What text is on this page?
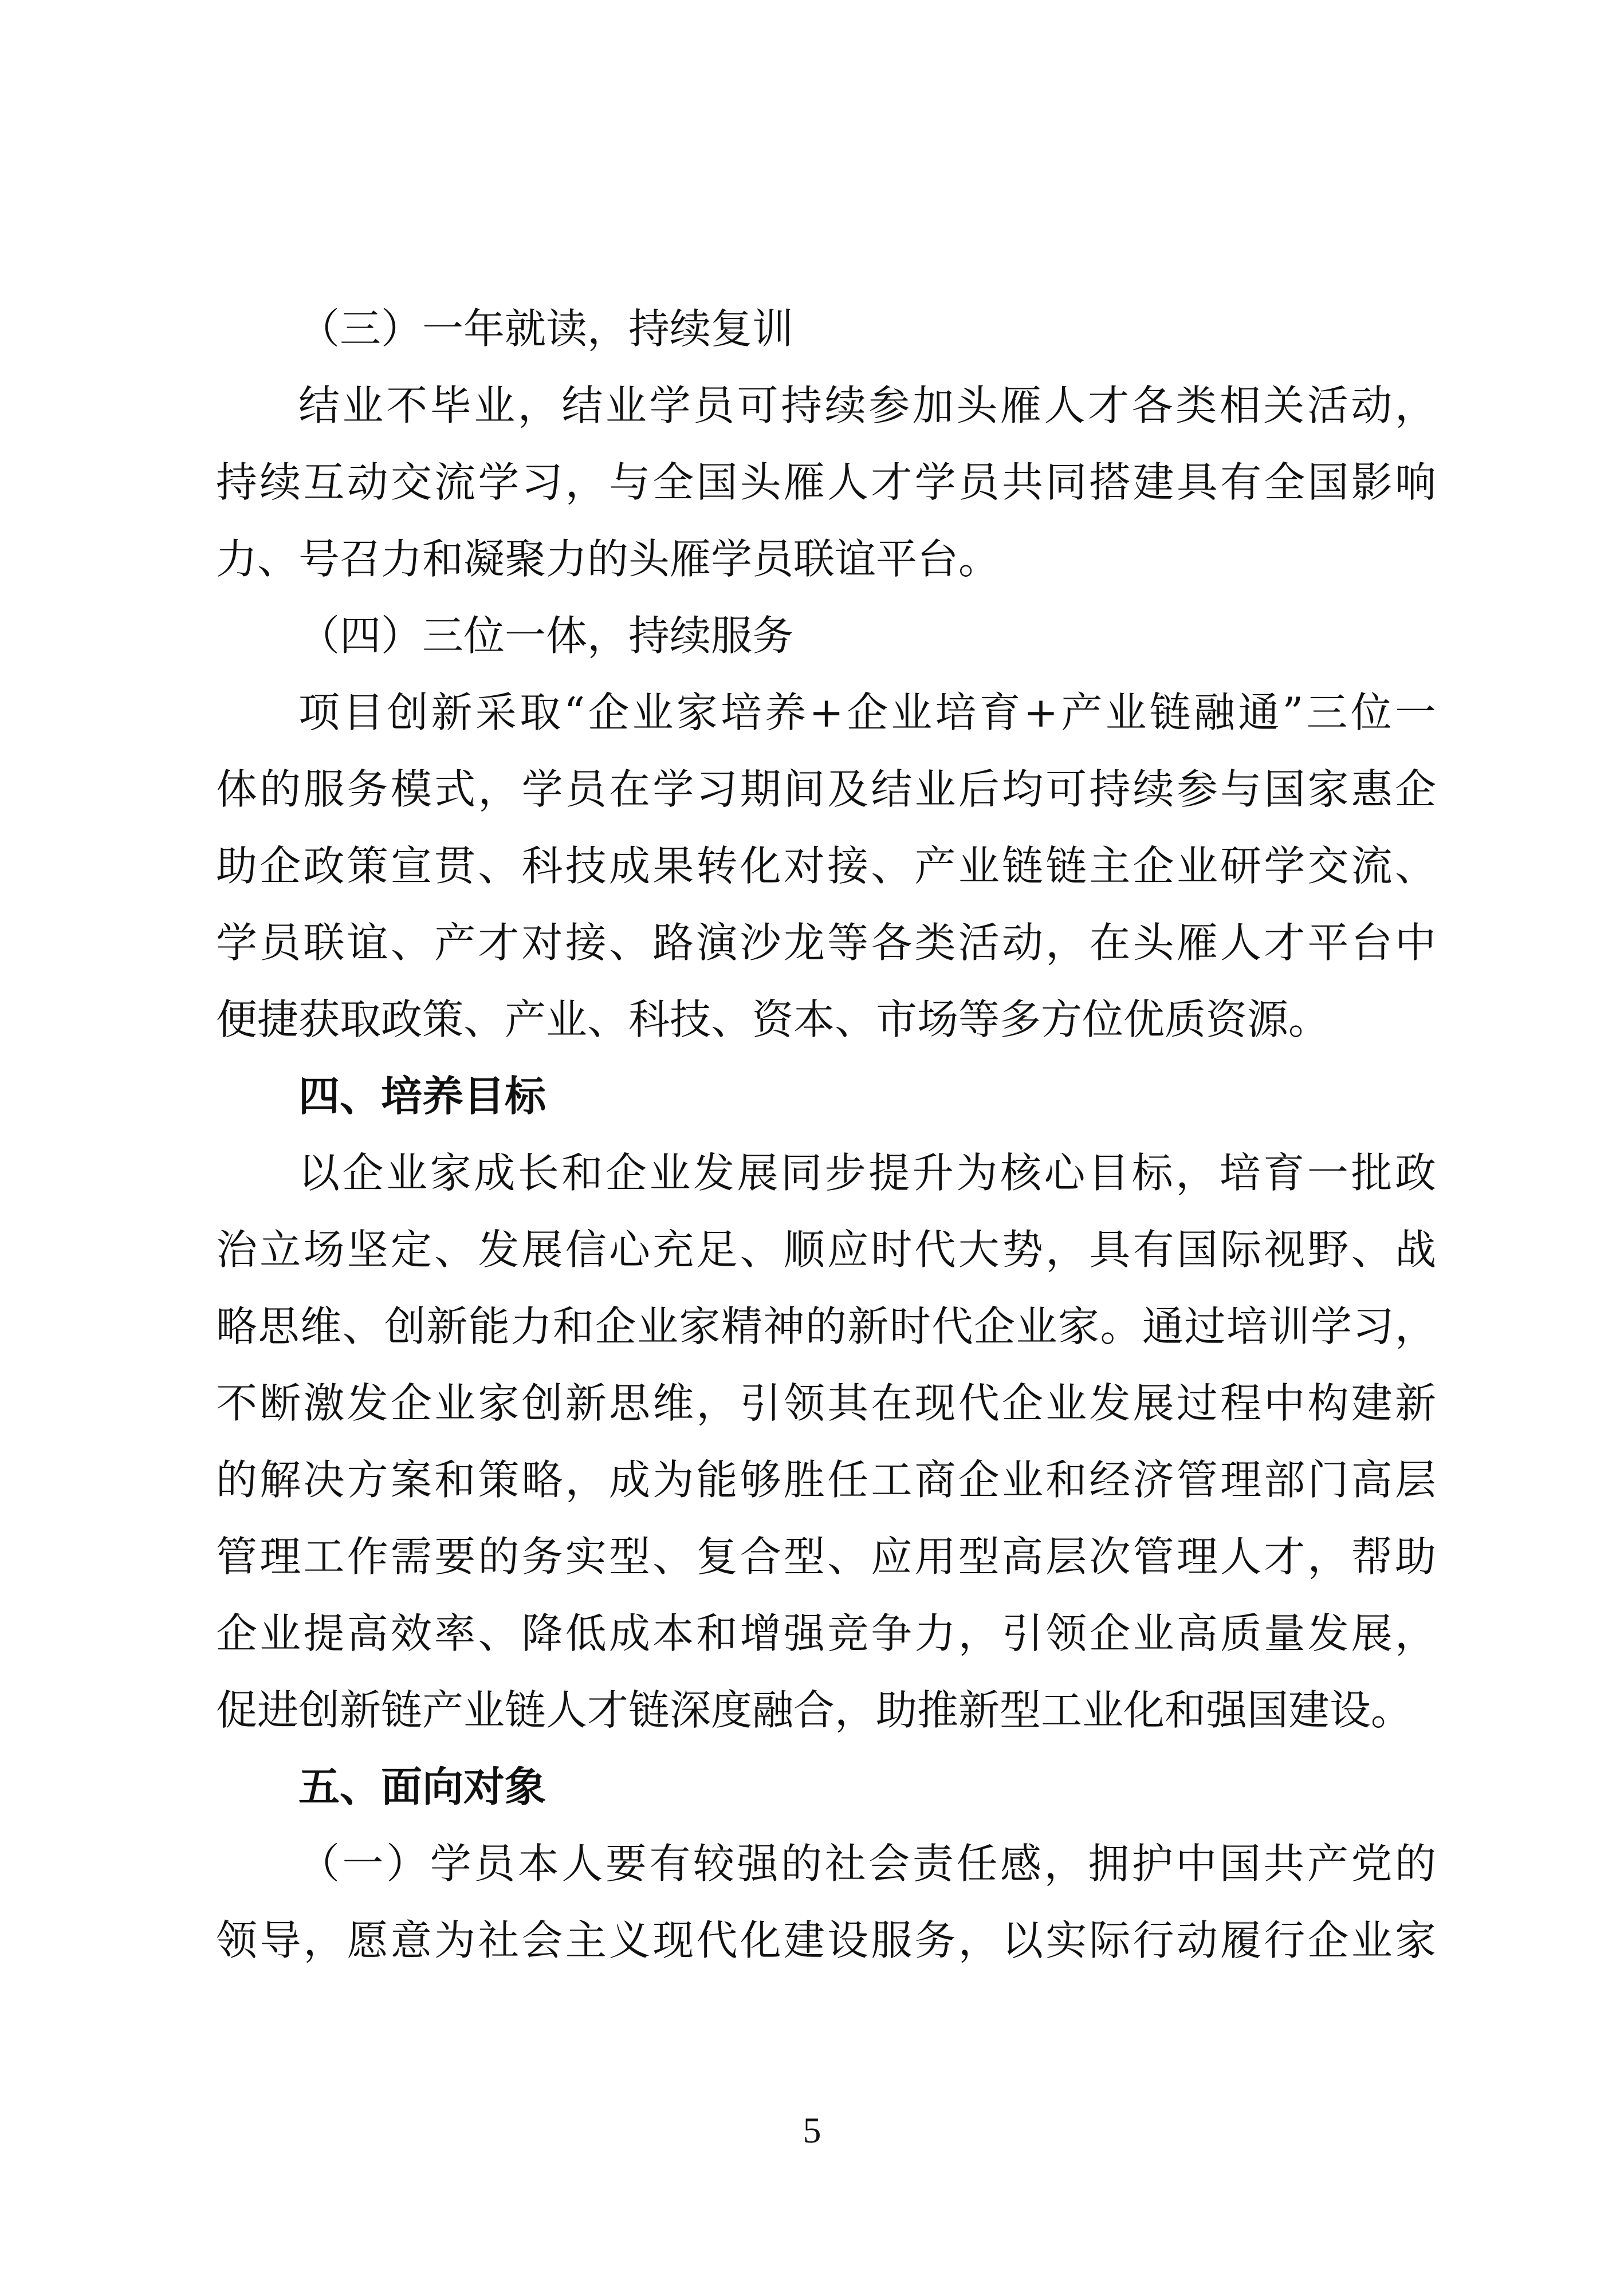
（三）一年就读，持续复训
结业不毕业，结业学员可持续参加头雁人才各类相关活动，
持续互动交流学习，与全国头雁人才学员共同搭建具有全国影响
力、号召力和凝聚力的头雁学员联谊平台。
（四）三位一体，持续服务
项目创新采取“企业家培养+企业培育+产业链融通”三位一
体的服务模式，学员在学习期间及结业后均可持续参与国家惠企
助企政策宣贯、科技成果转化对接、产业链链主企业研学交流、
学员联谊、产才对接、路演沙龙等各类活动，在头雁人才平台中
便捷获取政策、产业、科技、资本、市场等多方位优质资源。
四、培养目标
以企业家成长和企业发展同步提升为核心目标，培育一批政
治立场坚定、发展信心充足、顺应时代大势，具有国际视野、战
略思维、创新能力和企业家精神的新时代企业家。通过培训学习，
不断激发企业家创新思维，引领其在现代企业发展过程中构建新
的解决方案和策略，成为能够胜任工商企业和经济管理部门高层
管理工作需要的务实型、复合型、应用型高层次管理人才，帮助
企业提高效率、降低成本和增强竞争力，引领企业高质量发展，
促进创新链产业链人才链深度融合，助推新型工业化和强国建设。
五、面向对象
（一）学员本人要有较强的社会责任感，拥护中国共产党的
领导，愿意为社会主义现代化建设服务，以实际行动履行企业家
5
